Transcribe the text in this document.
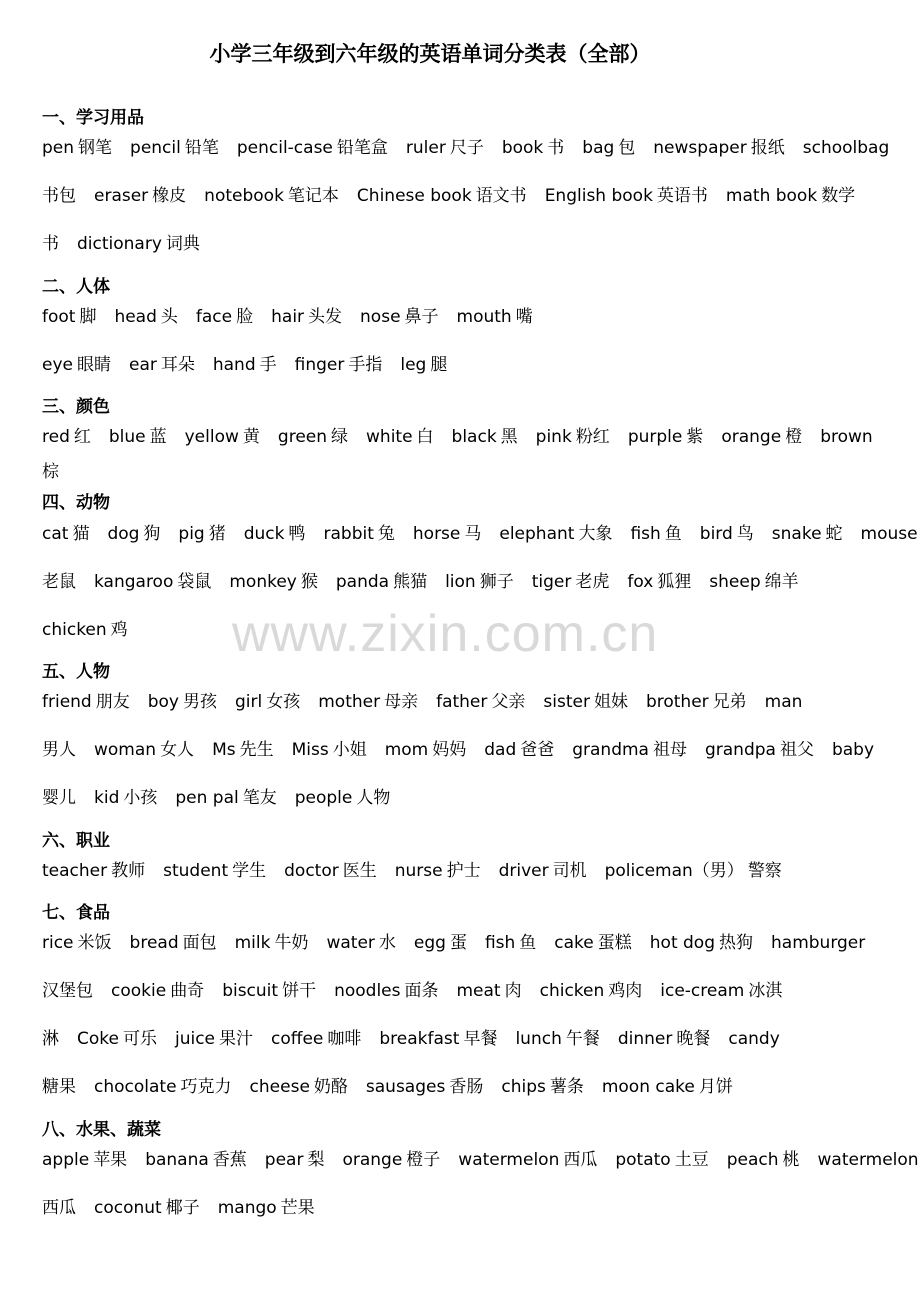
小学三年级到六年级的英语单词分类表（全部）
www.zixin.com.cn
一、学习用品
pen 钢笔 pencil 铅笔 pencil-case 铅笔盒 ruler 尺子 book 书 bag 包 newspaper 报纸 schoolbag
书包 eraser 橡皮 notebook 笔记本 Chinese book 语文书 English book 英语书 math book 数学
书 dictionary 词典
二、人体
foot 脚 head 头 face 脸 hair 头发 nose 鼻子 mouth 嘴
eye 眼睛 ear 耳朵 hand 手 finger 手指 leg 腿
三、颜色
red 红 blue 蓝 yellow 黄 green 绿 white 白 black 黑 pink 粉红 purple 紫 orange 橙 brown
棕
四、动物
cat 猫 dog 狗 pig 猪 duck 鸭 rabbit 兔 horse 马 elephant 大象 fish 鱼 bird 鸟 snake 蛇 mouse
老鼠 kangaroo 袋鼠 monkey 猴 panda 熊猫 lion 狮子 tiger 老虎 fox 狐狸 sheep 绵羊
chicken 鸡
五、人物
friend 朋友 boy 男孩 girl 女孩 mother 母亲 father 父亲 sister 姐妹 brother 兄弟 man
男人 woman 女人 Ms 先生 Miss 小姐 mom 妈妈 dad 爸爸 grandma 祖母 grandpa 祖父 baby
婴儿 kid 小孩 pen pal 笔友 people 人物
六、职业
teacher 教师 student 学生 doctor 医生 nurse 护士 driver 司机 policeman（男） 警察
七、食品
rice 米饭 bread 面包 milk 牛奶 water 水 egg 蛋 fish 鱼 cake 蛋糕 hot dog 热狗 hamburger
汉堡包 cookie 曲奇 biscuit 饼干 noodles 面条 meat 肉 chicken 鸡肉 ice-cream 冰淇
淋 Coke 可乐 juice 果汁 coffee 咖啡 breakfast 早餐 lunch 午餐 dinner 晚餐 candy
糖果 chocolate 巧克力 cheese 奶酪 sausages 香肠 chips 薯条 moon cake 月饼
八、水果、蔬菜
apple 苹果 banana 香蕉 pear 梨 orange 橙子 watermelon 西瓜 potato 土豆 peach 桃 watermelon
西瓜 coconut 椰子 mango 芒果
